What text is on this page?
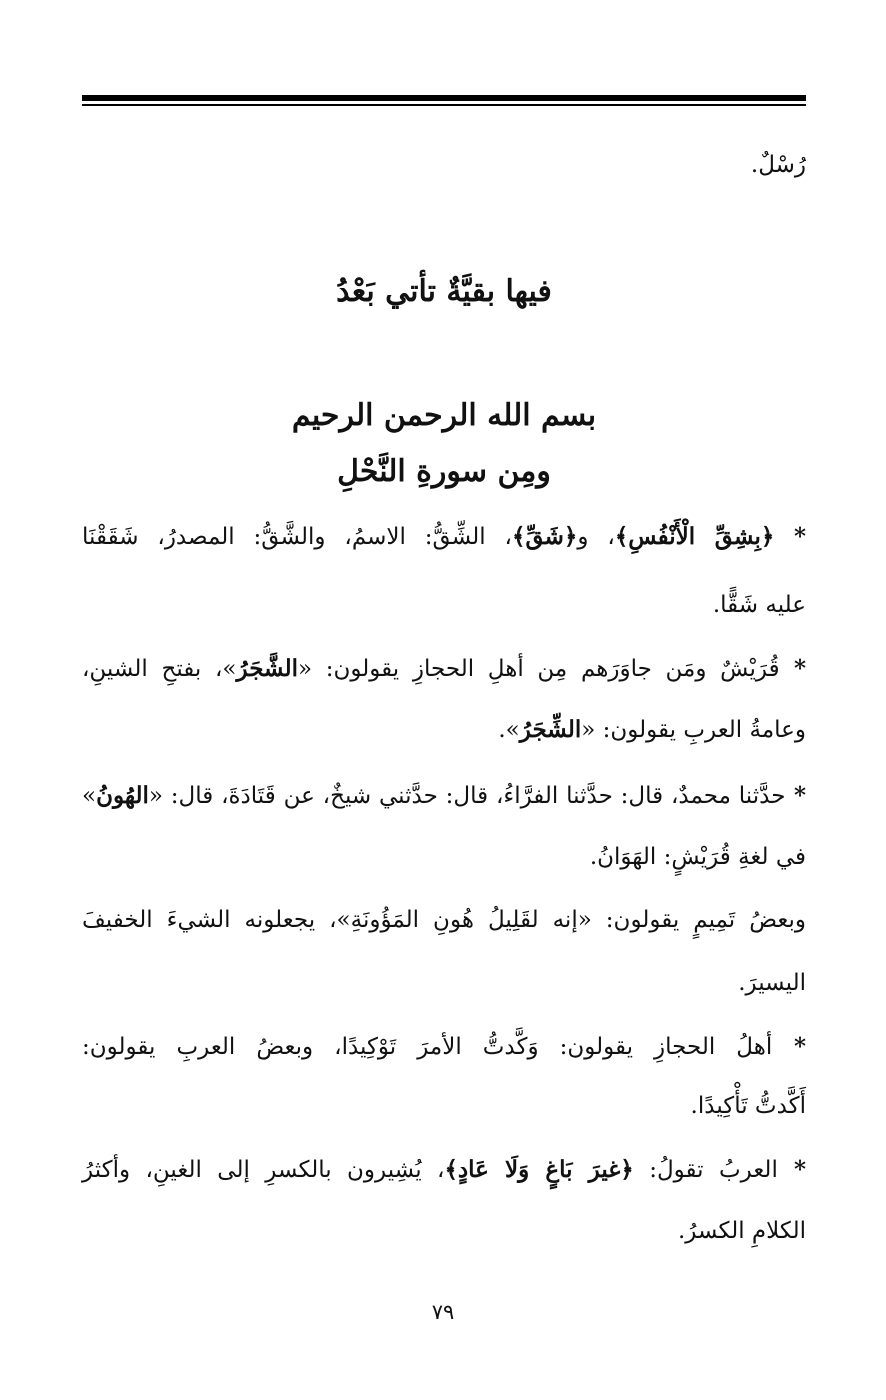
رُسْلٌ.
فيها بقيَّةٌ تأتي بَعْدُ
بسم الله الرحمن الرحيم
ومِن سورةِ النَّحْلِ
* ﴿بِشِقِّ الْأَنْفُسِ﴾، و﴿شَقِّ﴾، الشِّقُّ: الاسمُ، والشَّقُّ: المصدرُ، شَقَقْنَا
عليه شَقًّا.
* قُرَيْشٌ ومَن جاوَرَهم مِن أهلِ الحجازِ يقولون: «الشَّجَرُ»، بفتحِ الشينِ،
وعامةُ العربِ يقولون: «الشِّجَرُ».
* حدَّثنا محمدٌ، قال: حدَّثنا الفرَّاءُ، قال: حدَّثني شيخٌ، عن قَتَادَةَ، قال: «الهُونُ»
في لغةِ قُرَيْشٍ: الهَوَانُ.
وبعضُ تَمِيمٍ يقولون: «إنه لقَلِيلُ هُونِ المَؤُونَةِ»، يجعلونه الشيءَ الخفيفَ
اليسيرَ.
* أهلُ الحجازِ يقولون: وَكَّدتُّ الأمرَ تَوْكِيدًا، وبعضُ العربِ يقولون:
أَكَّدتُّ تَأْكِيدًا.
* العربُ تقولُ: ﴿غيرَ بَاغٍ وَلَا عَادٍ﴾، يُشِيرون بالكسرِ إلى الغينِ، وأكثرُ
الكلامِ الكسرُ.
٧٩
